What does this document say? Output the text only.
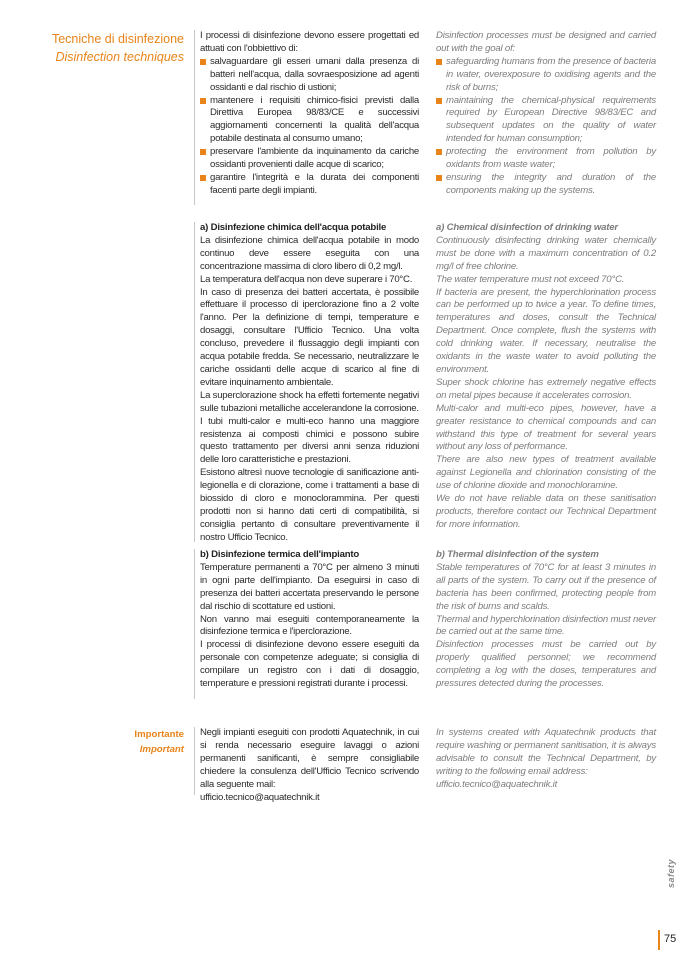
Tecniche di disinfezione
Disinfection techniques

I processi di disinfezione devono essere progettati ed attuati con l'obbiettivo di:

salvaguardare gli esseri umani dalla presenza di batteri nell'acqua, dalla sovraesposizione ad agenti ossidanti e dal rischio di ustioni;

mantenere i requisiti chimico-fisici previsti dalla Direttiva Europea 98/83/CE e successivi aggiornamenti concernenti la qualità dell'acqua potabile destinata al consumo umano;

preservare l'ambiente da inquinamento da cariche ossidanti provenienti dalle acque di scarico;

garantire l'integrità e la durata dei componenti facenti parte degli impianti.

Disinfection processes must be designed and carried out with the goal of:

safeguarding humans from the presence of bacteria in water, overexposure to oxidising agents and the risk of burns;

maintaining the chemical-physical requirements required by European Directive 98/83/EC and subsequent updates on the quality of water intended for human consumption;

protecting the environment from pollution by oxidants from waste water;

ensuring the integrity and duration of the components making up the systems.

a) Disinfezione chimica dell'acqua potabile

La disinfezione chimica dell'acqua potabile in modo continuo deve essere eseguita con una concentrazione massima di cloro libero di 0,2 mg/l.

La temperatura dell'acqua non deve superare i 70°C.

In caso di presenza dei batteri accertata, è possibile effettuare il processo di iperclorazione fino a 2 volte l'anno. Per la definizione di tempi, temperature e dosaggi, consultare l'Ufficio Tecnico. Una volta concluso, prevedere il flussaggio degli impianti con acqua potabile fredda. Se necessario, neutralizzare le cariche ossidanti delle acque di scarico al fine di evitare inquinamento ambientale.

La superclorazione shock ha effetti fortemente negativi sulle tubazioni metalliche accelerandone la corrosione.

I tubi multi-calor e multi-eco hanno una maggiore resistenza ai composti chimici e possono subire questo trattamento per diversi anni senza riduzioni delle loro caratteristiche e prestazioni.

Esistono altresì nuove tecnologie di sanificazione anti-legionella e di clorazione, come i trattamenti a base di biossido di cloro e monoclorammina. Per questi prodotti non si hanno dati certi di compatibilità, si consiglia pertanto di consultare preventivamente il nostro Ufficio Tecnico.

a) Chemical disinfection of drinking water

Continuously disinfecting drinking water chemically must be done with a maximum concentration of 0.2 mg/l of free chlorine.

The water temperature must not exceed 70°C.

If bacteria are present, the hyperchlorination process can be performed up to twice a year. To define times, temperatures and doses, consult the Technical Department. Once complete, flush the systems with cold drinking water. If necessary, neutralise the oxidants in the waste water to avoid polluting the environment.

Super shock chlorine has extremely negative effects on metal pipes because it accelerates corrosion.

Multi-calor and multi-eco pipes, however, have a greater resistance to chemical compounds and can withstand this type of treatment for several years without any loss of performance.

There are also new types of treatment available against Legionella and chlorination consisting of the use of chlorine dioxide and monochloramine.

We do not have reliable data on these sanitisation products, therefore contact our Technical Department for more information.

b) Disinfezione termica dell'impianto

Temperature permanenti a 70°C per almeno 3 minuti in ogni parte dell'impianto. Da eseguirsi in caso di presenza dei batteri accertata preservando le persone dal rischio di scottature ed ustioni.

Non vanno mai eseguiti contemporaneamente la disinfezione termica e l'iperclorazione.

I processi di disinfezione devono essere eseguiti da personale con competenze adeguate; si consiglia di compilare un registro con i dati di dosaggio, temperature e pressioni registrati durante i processi.

b) Thermal disinfection of the system

Stable temperatures of 70°C for at least 3 minutes in all parts of the system. To carry out if the presence of bacteria has been confirmed, protecting people from the risk of burns and scalds.

Thermal and hyperchlorination disinfection must never be carried out at the same time.

Disinfection processes must be carried out by properly qualified personnel; we recommend completing a log with the doses, temperatures and pressures detected during the processes.

Importante
Important

Negli impianti eseguiti con prodotti Aquatechnik, in cui si renda necessario eseguire lavaggi o azioni permanenti sanificanti, è sempre consigliabile chiedere la consulenza dell'Ufficio Tecnico scrivendo alla seguente mail:

ufficio.tecnico@aquatechnik.it

In systems created with Aquatechnik products that require washing or permanent sanitisation, it is always advisable to consult the Technical Department, by writing to the following email address:

ufficio.tecnico@aquatechnik.it

safety
75
